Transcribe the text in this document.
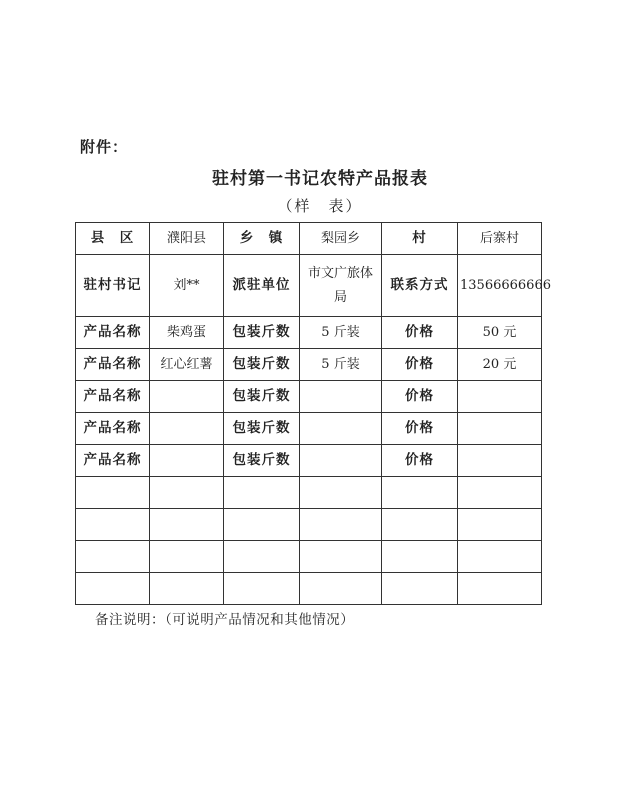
附件：
驻村第一书记农特产品报表
（样　表）
县　区	濮阳县	乡　镇	梨园乡	村	后寨村
驻村书记	刘**	派驻单位	市文广旅体局	联系方式	13566666666
产品名称	柴鸡蛋	包装斤数	5 斤装	价格	50 元
产品名称	红心红薯	包装斤数	5 斤装	价格	20 元
产品名称		包装斤数		价格	
产品名称		包装斤数		价格	
产品名称		包装斤数		价格	

备注说明：（可说明产品情况和其他情况）
